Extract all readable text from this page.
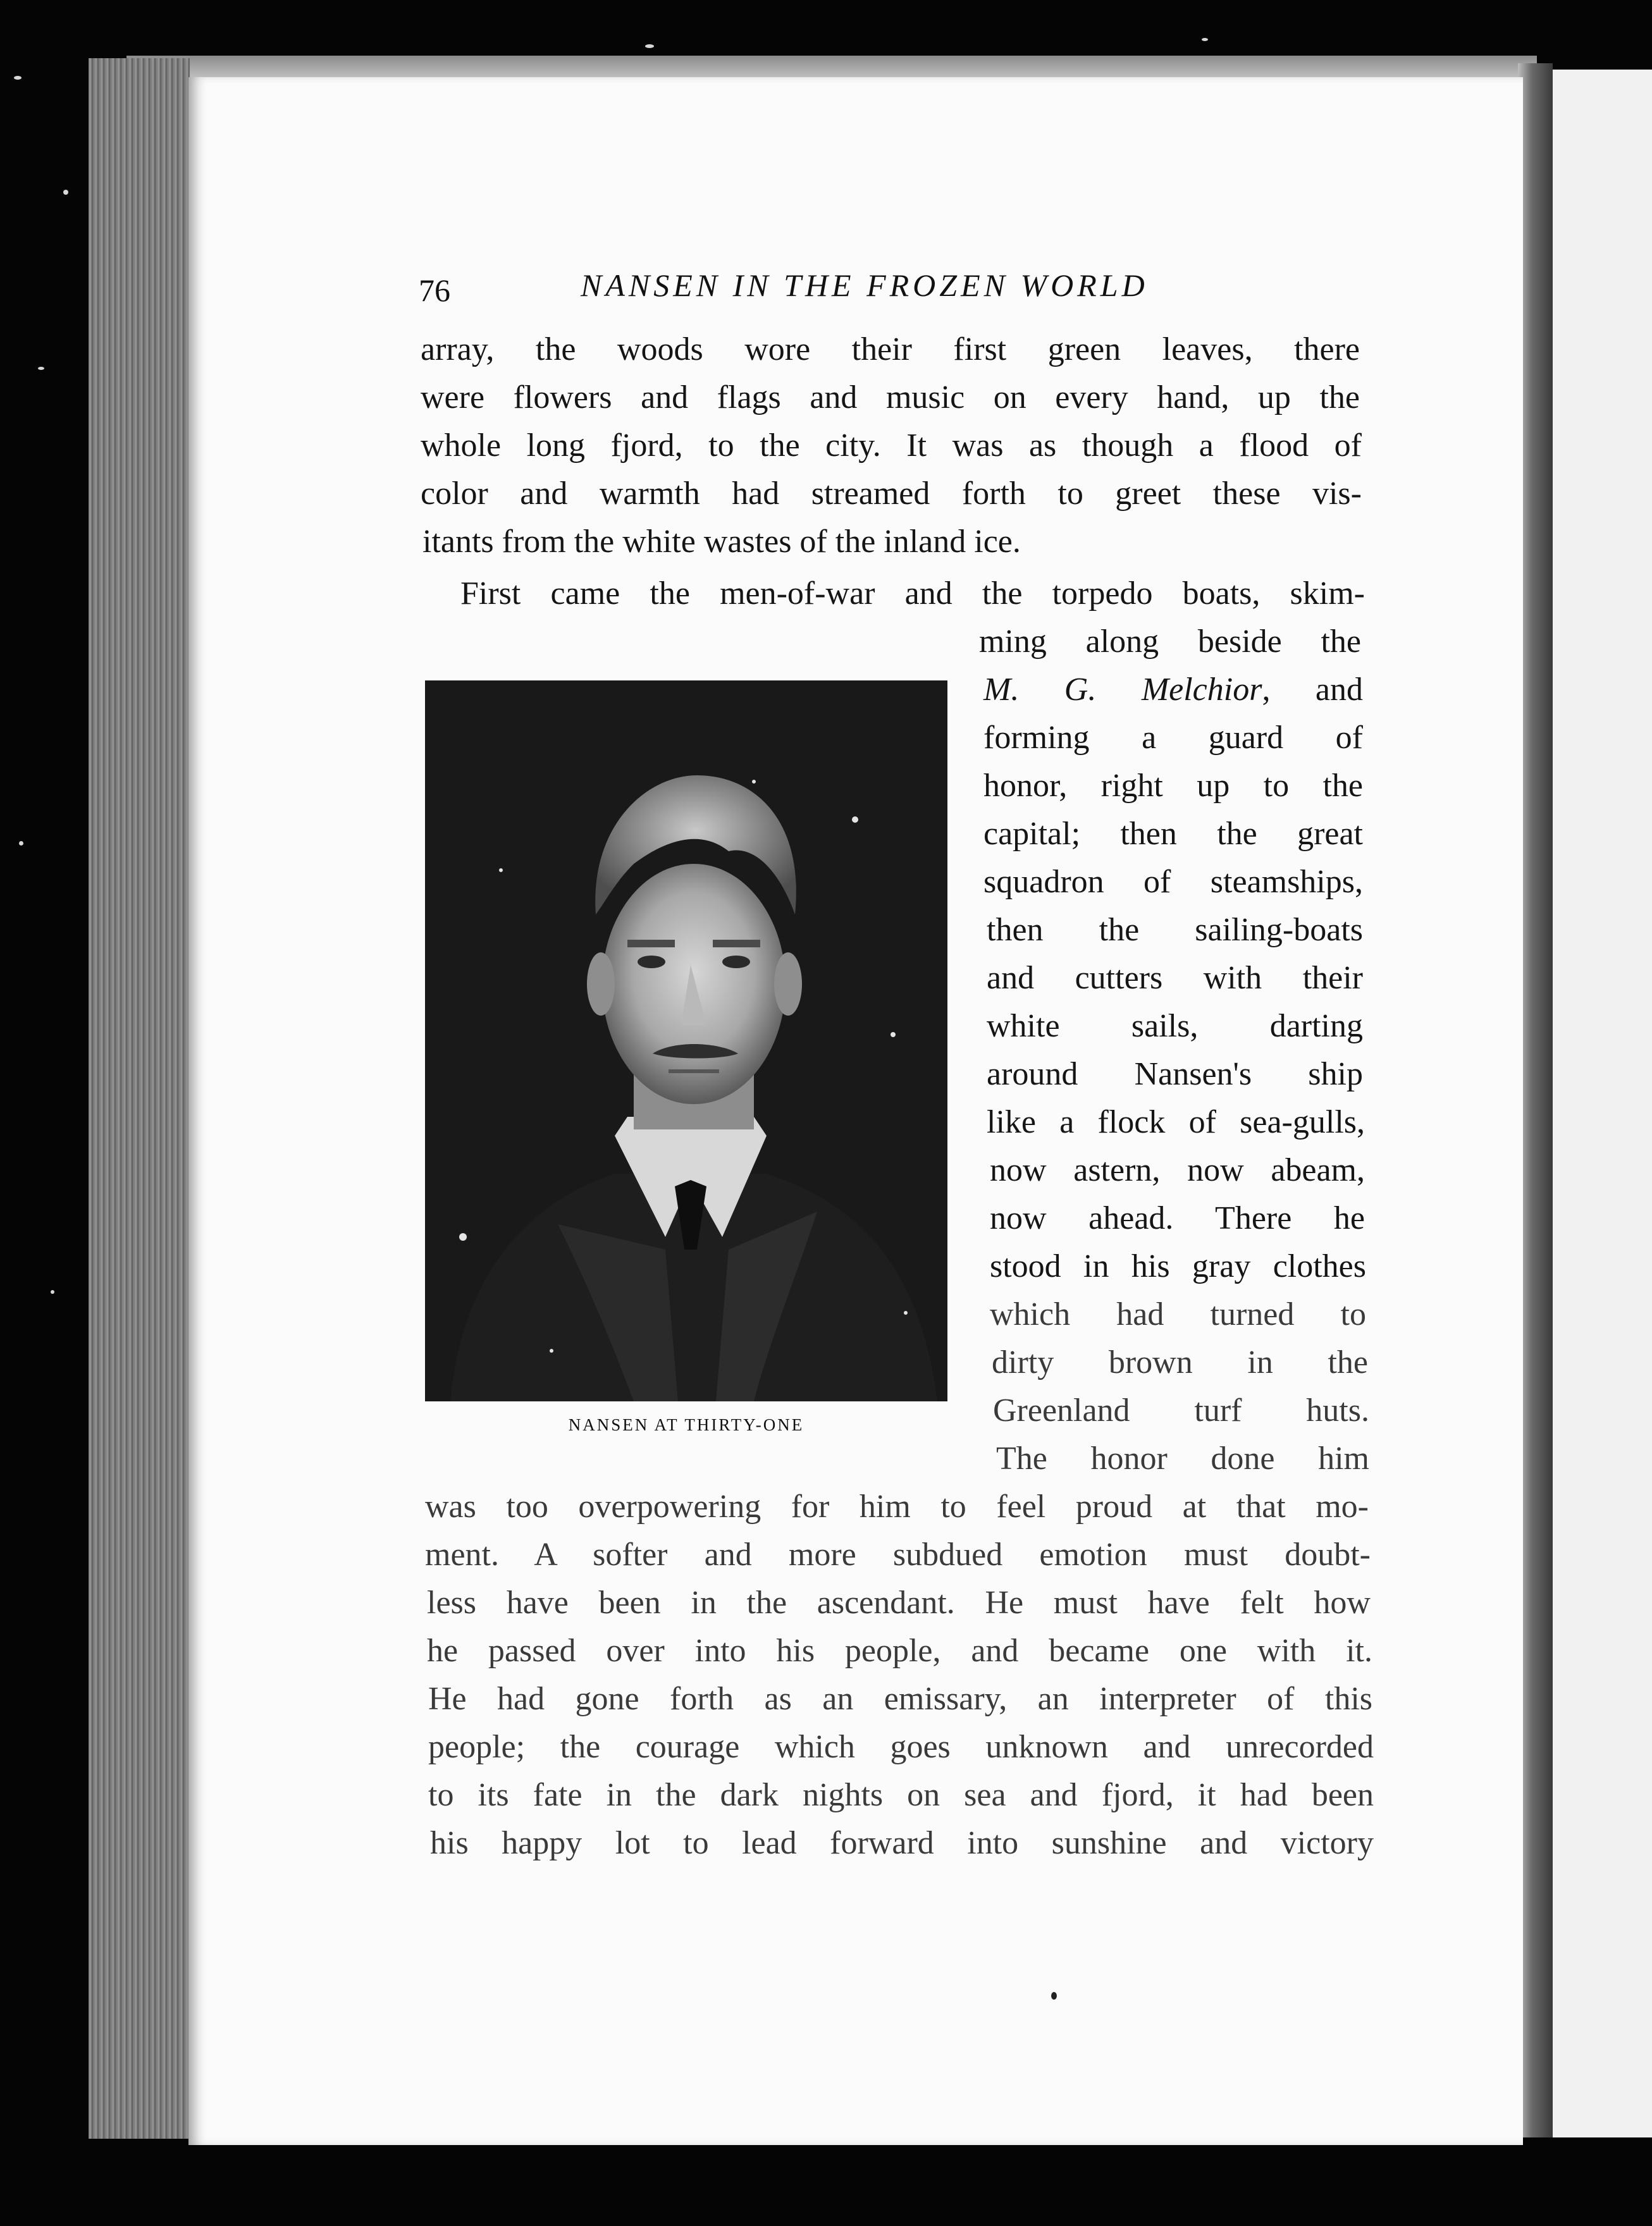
76	NANSEN IN THE FROZEN WORLD
array, the woods wore their first green leaves, there
were flowers and flags and music on every hand, up the
whole long fjord, to the city. It was as though a flood of
color and warmth had streamed forth to greet these vis-
itants from the white wastes of the inland ice.
First came the men-of-war and the torpedo boats, skim-
NANSEN AT THIRTY-ONE
ming along beside the
M. G. Melchior, and
forming a guard of
honor, right up to the
capital; then the great
squadron of steamships,
then the sailing-boats
and cutters with their
white sails, darting
around Nansen's ship
like a flock of sea-gulls,
now astern, now abeam,
now ahead. There he
stood in his gray clothes
which had turned to
dirty brown in the
Greenland turf huts.
The honor done him
was too overpowering for him to feel proud at that mo-
ment. A softer and more subdued emotion must doubt-
less have been in the ascendant. He must have felt how
he passed over into his people, and became one with it.
He had gone forth as an emissary, an interpreter of this
people; the courage which goes unknown and unrecorded
to its fate in the dark nights on sea and fjord, it had been
his happy lot to lead forward into sunshine and victory
